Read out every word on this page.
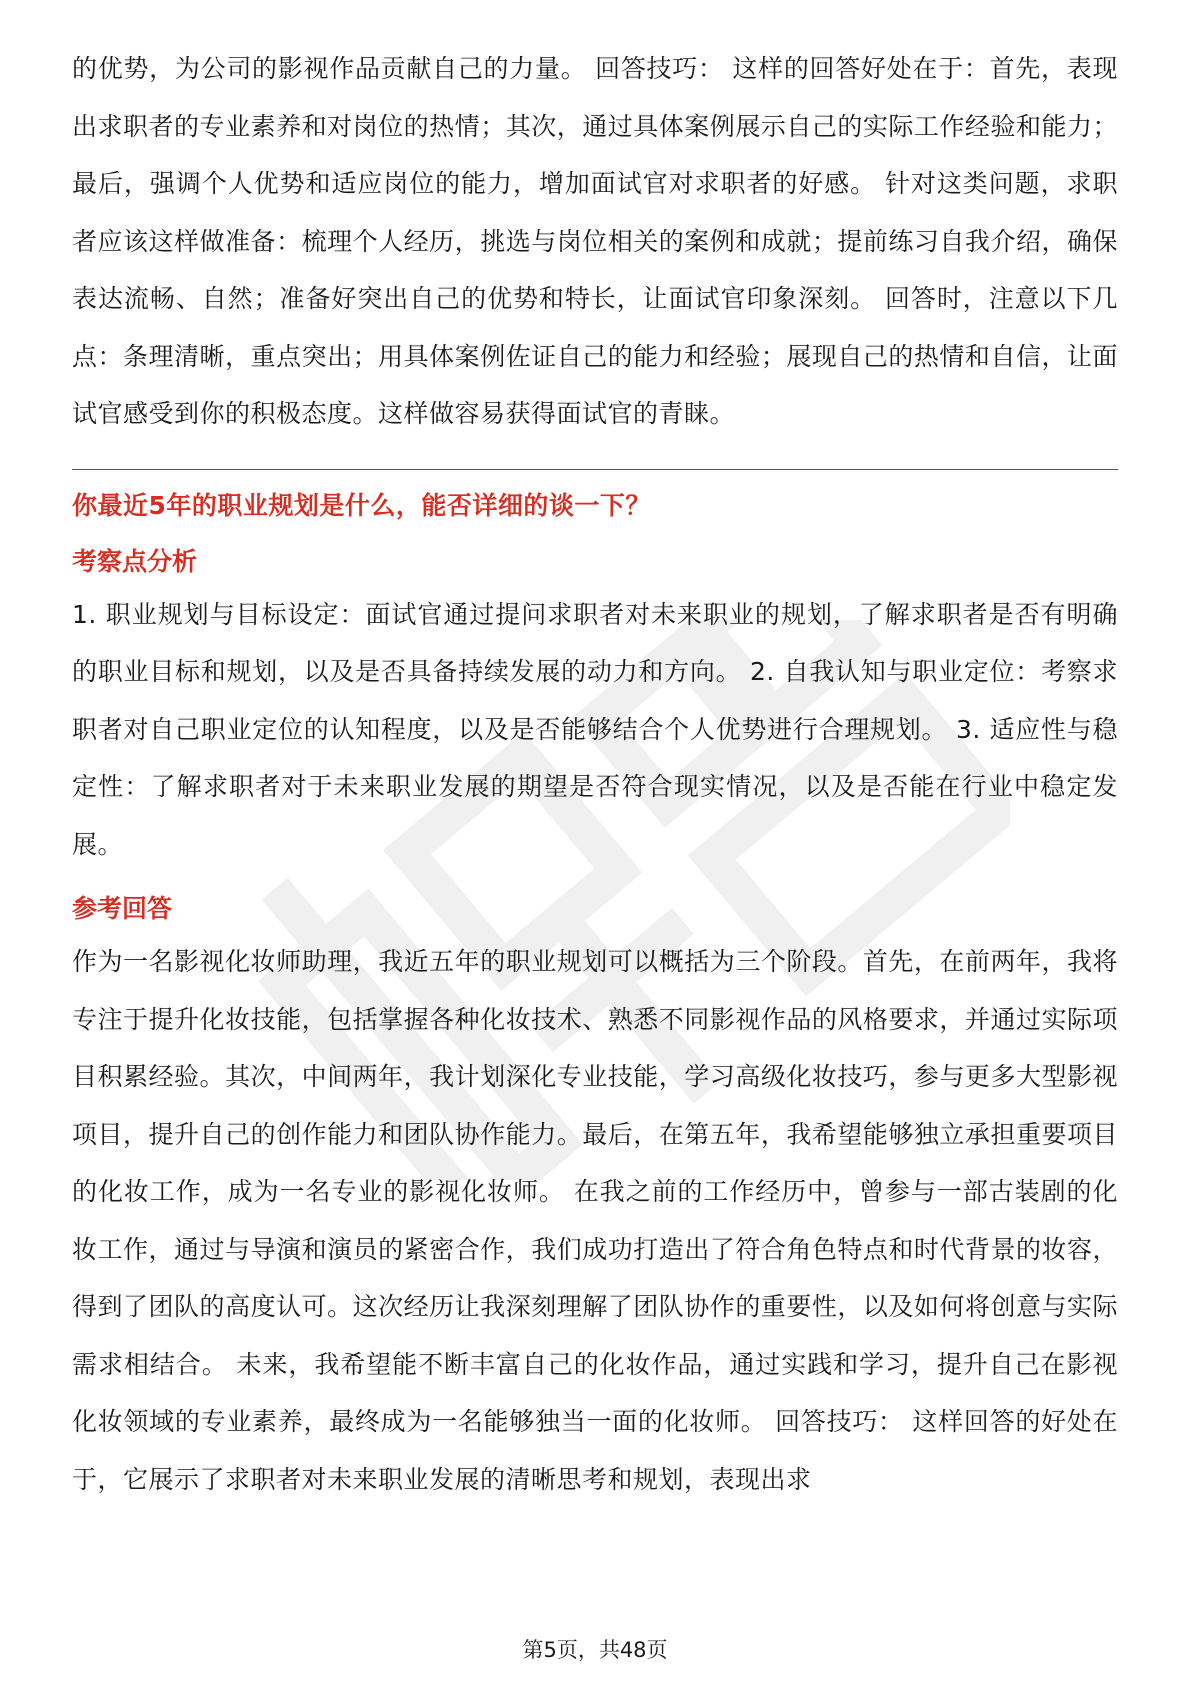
的优势，为公司的影视作品贡献自己的力量。 回答技巧： 这样的回答好处在于：首先，表现出求职者的专业素养和对岗位的热情；其次，通过具体案例展示自己的实际工作经验和能力；最后，强调个人优势和适应岗位的能力，增加面试官对求职者的好感。 针对这类问题，求职者应该这样做准备：梳理个人经历，挑选与岗位相关的案例和成就；提前练习自我介绍，确保表达流畅、自然；准备好突出自己的优势和特长，让面试官印象深刻。 回答时，注意以下几点：条理清晰，重点突出；用具体案例佐证自己的能力和经验；展现自己的热情和自信，让面试官感受到你的积极态度。这样做容易获得面试官的青睐。

你最近5年的职业规划是什么，能否详细的谈一下？

考察点分析

1. 职业规划与目标设定：面试官通过提问求职者对未来职业的规划，了解求职者是否有明确的职业目标和规划，以及是否具备持续发展的动力和方向。 2. 自我认知与职业定位：考察求职者对自己职业定位的认知程度，以及是否能够结合个人优势进行合理规划。 3. 适应性与稳定性：了解求职者对于未来职业发展的期望是否符合现实情况，以及是否能在行业中稳定发展。

参考回答

作为一名影视化妆师助理，我近五年的职业规划可以概括为三个阶段。首先，在前两年，我将专注于提升化妆技能，包括掌握各种化妆技术、熟悉不同影视作品的风格要求，并通过实际项目积累经验。其次，中间两年，我计划深化专业技能，学习高级化妆技巧，参与更多大型影视项目，提升自己的创作能力和团队协作能力。最后，在第五年，我希望能够独立承担重要项目的化妆工作，成为一名专业的影视化妆师。 在我之前的工作经历中，曾参与一部古装剧的化妆工作，通过与导演和演员的紧密合作，我们成功打造出了符合角色特点和时代背景的妆容，得到了团队的高度认可。这次经历让我深刻理解了团队协作的重要性，以及如何将创意与实际需求相结合。 未来，我希望能不断丰富自己的化妆作品，通过实践和学习，提升自己在影视化妆领域的专业素养，最终成为一名能够独当一面的化妆师。 回答技巧： 这样回答的好处在于，它展示了求职者对未来职业发展的清晰思考和规划，表现出求

第5页，共48页
